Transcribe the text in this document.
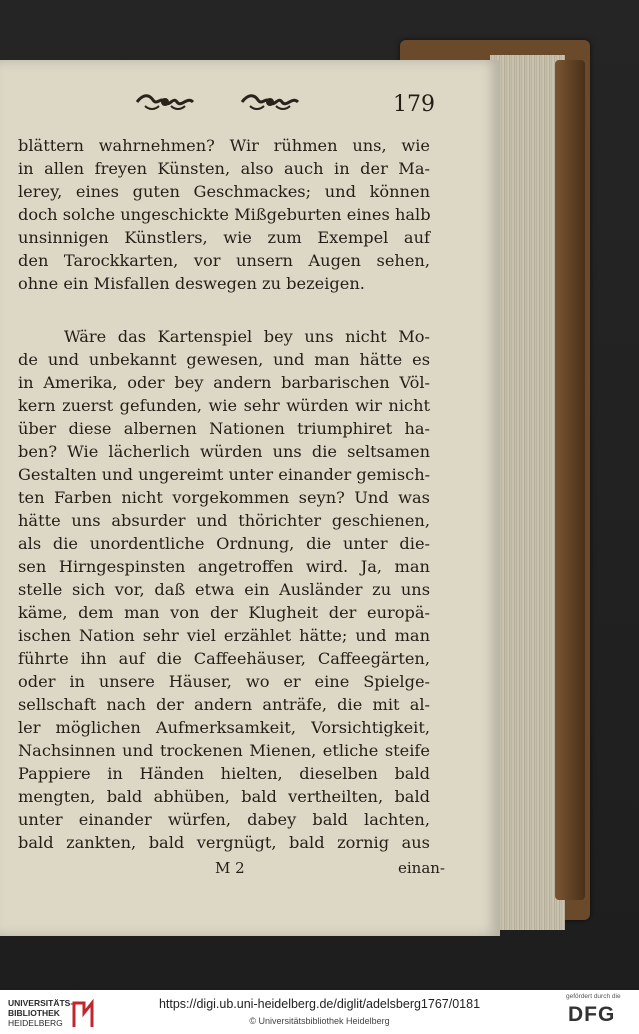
179
blättern wahrnehmen? Wir rühmen uns, wie
in allen freyen Künsten, also auch in der Ma-
lerey, eines guten Geschmackes; und können
doch solche ungeschickte Mißgeburten eines halb
unsinnigen Künstlers, wie zum Exempel auf
den Tarockkarten, vor unsern Augen sehen,
ohne ein Misfallen deswegen zu bezeigen.
Wäre das Kartenspiel bey uns nicht Mo-
de und unbekannt gewesen, und man hätte es
in Amerika, oder bey andern barbarischen Völ-
kern zuerst gefunden, wie sehr würden wir nicht
über diese albernen Nationen triumphiret ha-
ben? Wie lächerlich würden uns die seltsamen
Gestalten und ungereimt unter einander gemisch-
ten Farben nicht vorgekommen seyn? Und was
hätte uns absurder und thörichter geschienen,
als die unordentliche Ordnung, die unter die-
sen Hirngespinsten angetroffen wird. Ja, man
stelle sich vor, daß etwa ein Ausländer zu uns
käme, dem man von der Klugheit der europä-
ischen Nation sehr viel erzählet hätte; und man
führte ihn auf die Caffeehäuser, Caffeegärten,
oder in unsere Häuser, wo er eine Spielge-
sellschaft nach der andern anträfe, die mit al-
ler möglichen Aufmerksamkeit, Vorsichtigkeit,
Nachsinnen und trockenen Mienen, etliche steife
Pappiere in Händen hielten, dieselben bald
mengten, bald abhüben, bald vertheilten, bald
unter einander würfen, dabey bald lachten,
bald zankten, bald vergnügt, bald zornig aus
M 2	einan-
UNIVERSITÄTS-
BIBLIOTHEK
HEIDELBERG
https://digi.ub.uni-heidelberg.de/diglit/adelsberg1767/0181
© Universitätsbibliothek Heidelberg
gefördert durch die
DFG
